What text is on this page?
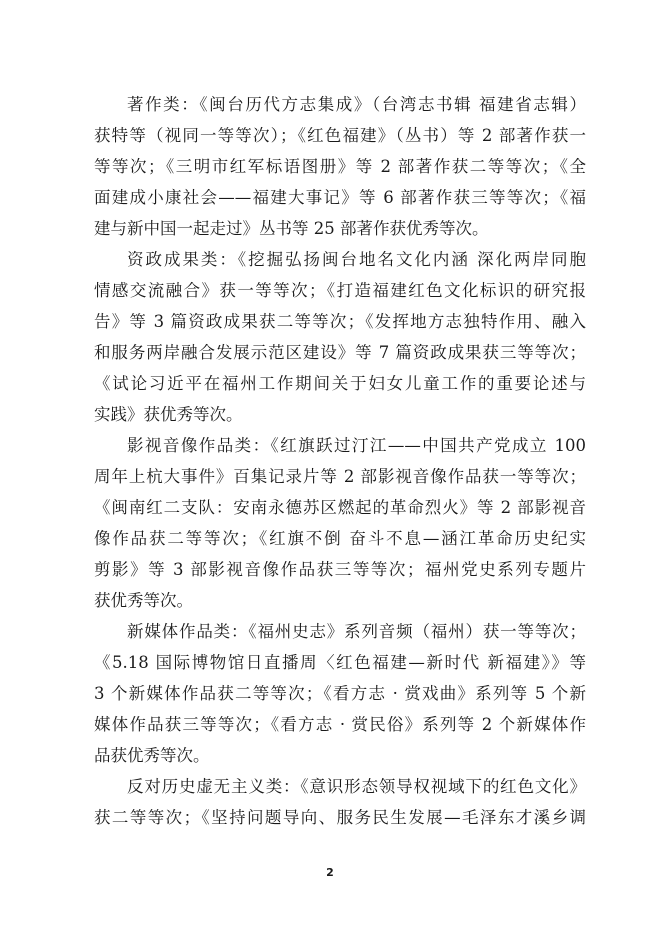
著作类：《闽台历代方志集成》（台湾志书辑 福建省志辑）
获特等（视同一等等次）；《红色福建》（丛书）等 2 部著作获一
等等次；《三明市红军标语图册》等 2 部著作获二等等次；《全
面建成小康社会——福建大事记》等 6 部著作获三等等次；《福
建与新中国一起走过》丛书等 25 部著作获优秀等次。
资政成果类：《挖掘弘扬闽台地名文化内涵 深化两岸同胞
情感交流融合》获一等等次；《打造福建红色文化标识的研究报
告》等 3 篇资政成果获二等等次；《发挥地方志独特作用、融入
和服务两岸融合发展示范区建设》等 7 篇资政成果获三等等次；
《试论习近平在福州工作期间关于妇女儿童工作的重要论述与
实践》获优秀等次。
影视音像作品类：《红旗跃过汀江——中国共产党成立 100
周年上杭大事件》百集记录片等 2 部影视音像作品获一等等次；
《闽南红二支队：安南永德苏区燃起的革命烈火》等 2 部影视音
像作品获二等等次；《红旗不倒 奋斗不息—涵江革命历史纪实
剪影》等 3 部影视音像作品获三等等次；福州党史系列专题片
获优秀等次。
新媒体作品类：《福州史志》系列音频（福州）获一等等次；
《5.18 国际博物馆日直播周〈红色福建—新时代 新福建》》等
3 个新媒体作品获二等等次；《看方志 · 赏戏曲》系列等 5 个新
媒体作品获三等等次；《看方志 · 赏民俗》系列等 2 个新媒体作
品获优秀等次。
反对历史虚无主义类：《意识形态领导权视域下的红色文化》
获二等等次；《坚持问题导向、服务民生发展—毛泽东才溪乡调
2
